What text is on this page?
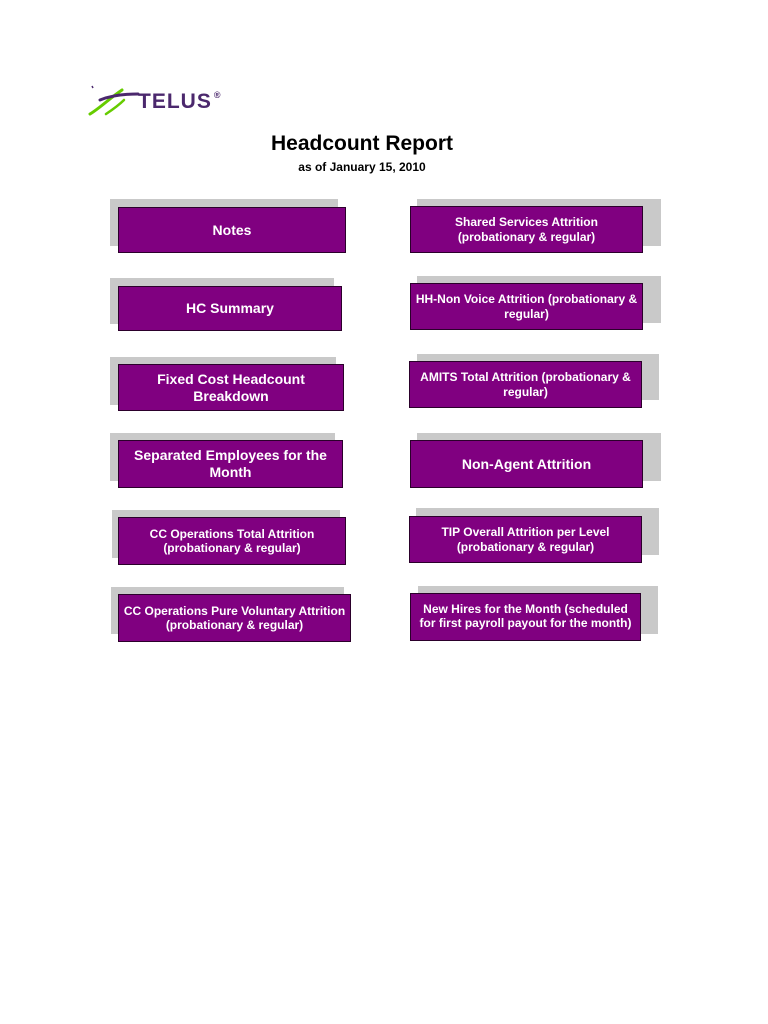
TELUS ®
Headcount Report
as of January 15, 2010
Notes
HC Summary
Fixed Cost Headcount Breakdown
Separated Employees for the Month
CC Operations Total Attrition (probationary & regular)
CC Operations Pure Voluntary Attrition (probationary & regular)
Shared Services Attrition (probationary & regular)
HH-Non Voice Attrition (probationary & regular)
AMITS Total Attrition (probationary & regular)
Non-Agent Attrition
TIP Overall Attrition per Level (probationary & regular)
New Hires for the Month (scheduled for first payroll payout for the month)
